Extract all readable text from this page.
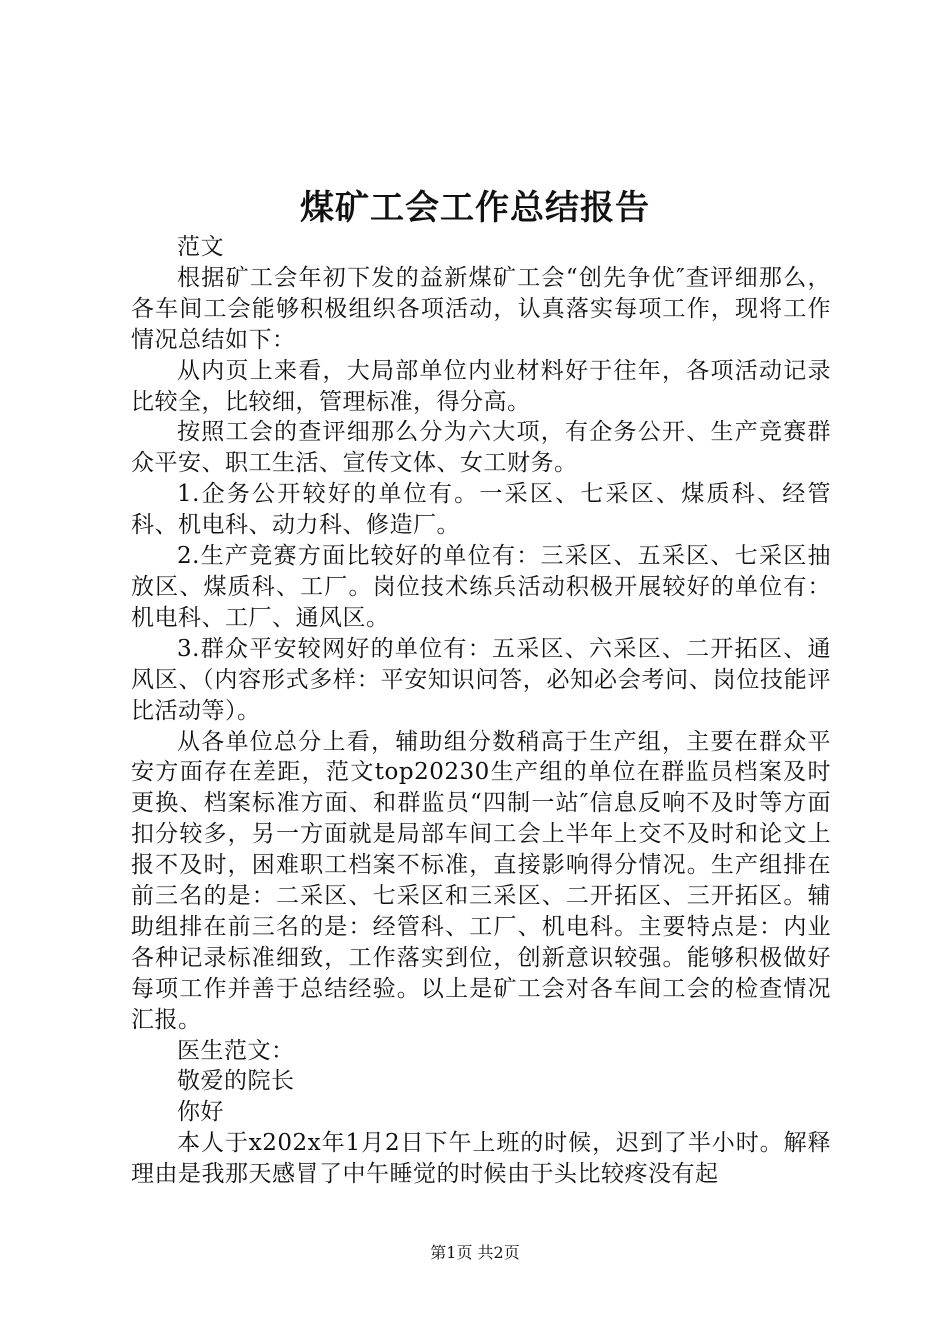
煤矿工会工作总结报告

范文

根据矿工会年初下发的益新煤矿工会“创先争优″查评细那么，各车间工会能够积极组织各项活动，认真落实每项工作，现将工作情况总结如下：

从内页上来看，大局部单位内业材料好于往年，各项活动记录比较全，比较细，管理标准，得分高。

按照工会的查评细那么分为六大项，有企务公开、生产竞赛群众平安、职工生活、宣传文体、女工财务。

1.企务公开较好的单位有。一采区、七采区、煤质科、经管科、机电科、动力科、修造厂。

2.生产竞赛方面比较好的单位有：三采区、五采区、七采区抽放区、煤质科、工厂。岗位技术练兵活动积极开展较好的单位有：机电科、工厂、通风区。

3.群众平安较网好的单位有：五采区、六采区、二开拓区、通风区、（内容形式多样：平安知识问答，必知必会考问、岗位技能评比活动等）。

从各单位总分上看，辅助组分数稍高于生产组，主要在群众平安方面存在差距，范文top20230生产组的单位在群监员档案及时更换、档案标准方面、和群监员“四制一站″信息反响不及时等方面扣分较多，另一方面就是局部车间工会上半年上交不及时和论文上报不及时，困难职工档案不标准，直接影响得分情况。生产组排在前三名的是：二采区、七采区和三采区、二开拓区、三开拓区。辅助组排在前三名的是：经管科、工厂、机电科。主要特点是：内业各种记录标准细致，工作落实到位，创新意识较强。能够积极做好每项工作并善于总结经验。以上是矿工会对各车间工会的检查情况汇报。

医生范文：

敬爱的院长

你好

本人于x202x年1月2日下午上班的时候，迟到了半小时。解释理由是我那天感冒了中午睡觉的时候由于头比较疼没有起

第1页 共2页
